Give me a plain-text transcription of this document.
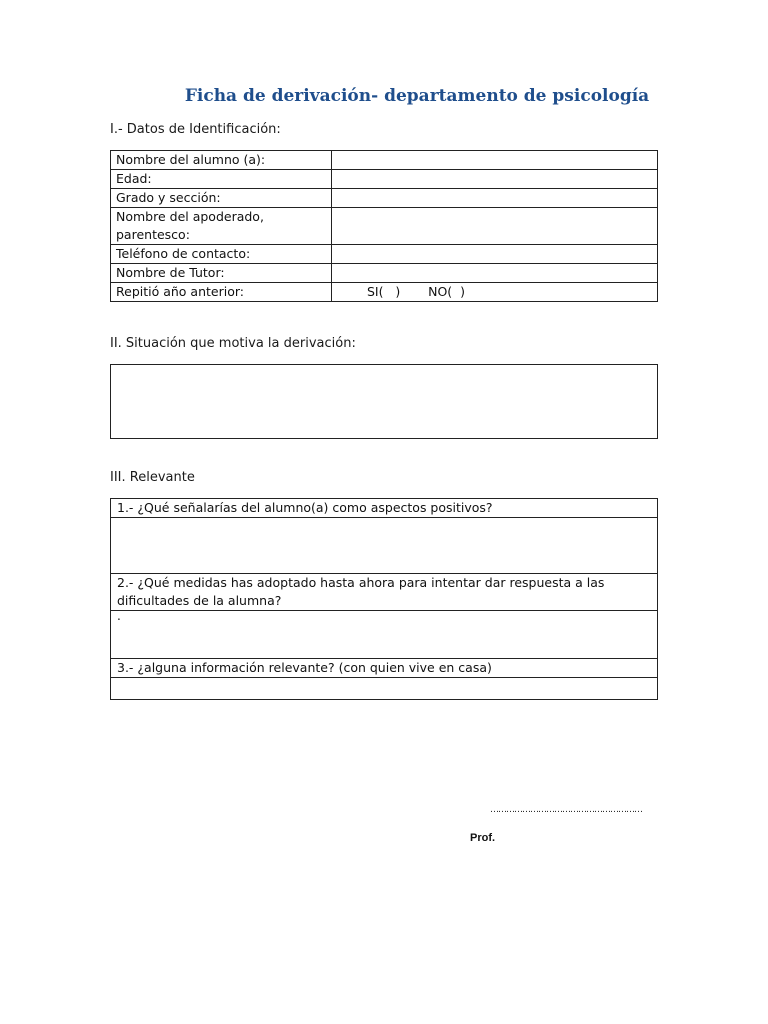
Ficha de derivación- departamento de psicología
I.- Datos de Identificación:
Nombre del alumno (a):	
Edad:	
Grado y sección:	
Nombre del apoderado, parentesco:	
Teléfono de contacto:	
Nombre de Tutor:	
Repitió año anterior:	SI(   )       NO(  )
II. Situación que motiva la derivación:
III. Relevante
1.- ¿Qué señalarías del alumno(a) como aspectos positivos?

2.- ¿Qué medidas has adoptado hasta ahora para intentar dar respuesta a las dificultades de la alumna?
.
3.- ¿alguna información relevante? (con quien vive en casa)

…………………………………………………
Prof.
